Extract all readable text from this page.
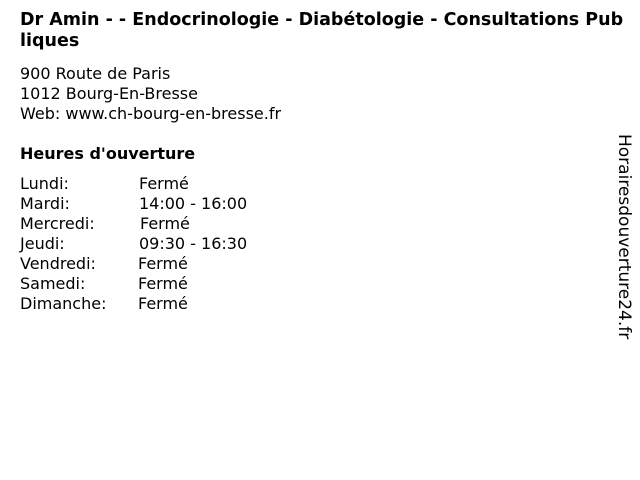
Dr Amin - - Endocrinologie - Diabétologie - Consultations Publiques
900 Route de Paris
1012 Bourg-En-Bresse
Web: www.ch-bourg-en-bresse.fr
Heures d'ouverture
Lundi:	Fermé
Mardi:	14:00 - 16:00
Mercredi:	Fermé
Jeudi:	09:30 - 16:30
Vendredi:	Fermé
Samedi:	Fermé
Dimanche: Fermé	Horairesdouverture24.fr
